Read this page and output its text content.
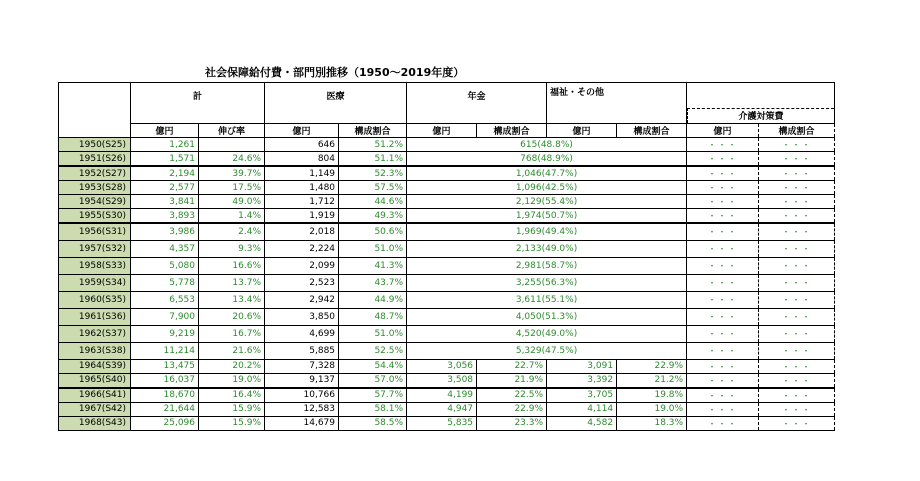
社会保障給付費・部門別推移（1950〜2019年度）
	計		医療		年金		福祉・その他		介護対策費	

	億円	伸び率	億円	構成割合	億円	構成割合	億円	構成割合	億円	構成割合
1950(S25)	1,261		646	51.2%	615(48.8%)				・・・	・・・
1951(S26)	1,571	24.6%	804	51.1%	768(48.9%)				・・・	・・・
1952(S27)	2,194	39.7%	1,149	52.3%	1,046(47.7%)				・・・	・・・
1953(S28)	2,577	17.5%	1,480	57.5%	1,096(42.5%)				・・・	・・・
1954(S29)	3,841	49.0%	1,712	44.6%	2,129(55.4%)				・・・	・・・
1955(S30)	3,893	1.4%	1,919	49.3%	1,974(50.7%)				・・・	・・・
1956(S31)	3,986	2.4%	2,018	50.6%	1,969(49.4%)				・・・	・・・
1957(S32)	4,357	9.3%	2,224	51.0%	2,133(49.0%)				・・・	・・・
1958(S33)	5,080	16.6%	2,099	41.3%	2,981(58.7%)				・・・	・・・
1959(S34)	5,778	13.7%	2,523	43.7%	3,255(56.3%)				・・・	・・・
1960(S35)	6,553	13.4%	2,942	44.9%	3,611(55.1%)				・・・	・・・
1961(S36)	7,900	20.6%	3,850	48.7%	4,050(51.3%)				・・・	・・・
1962(S37)	9,219	16.7%	4,699	51.0%	4,520(49.0%)				・・・	・・・
1963(S38)	11,214	21.6%	5,885	52.5%	5,329(47.5%)				・・・	・・・
1964(S39)	13,475	20.2%	7,328	54.4%	3,056	22.7%	3,091	22.9%	・・・	・・・
1965(S40)	16,037	19.0%	9,137	57.0%	3,508	21.9%	3,392	21.2%	・・・	・・・
1966(S41)	18,670	16.4%	10,766	57.7%	4,199	22.5%	3,705	19.8%	・・・	・・・
1967(S42)	21,644	15.9%	12,583	58.1%	4,947	22.9%	4,114	19.0%	・・・	・・・
1968(S43)	25,096	15.9%	14,679	58.5%	5,835	23.3%	4,582	18.3%	・・・	・・・
